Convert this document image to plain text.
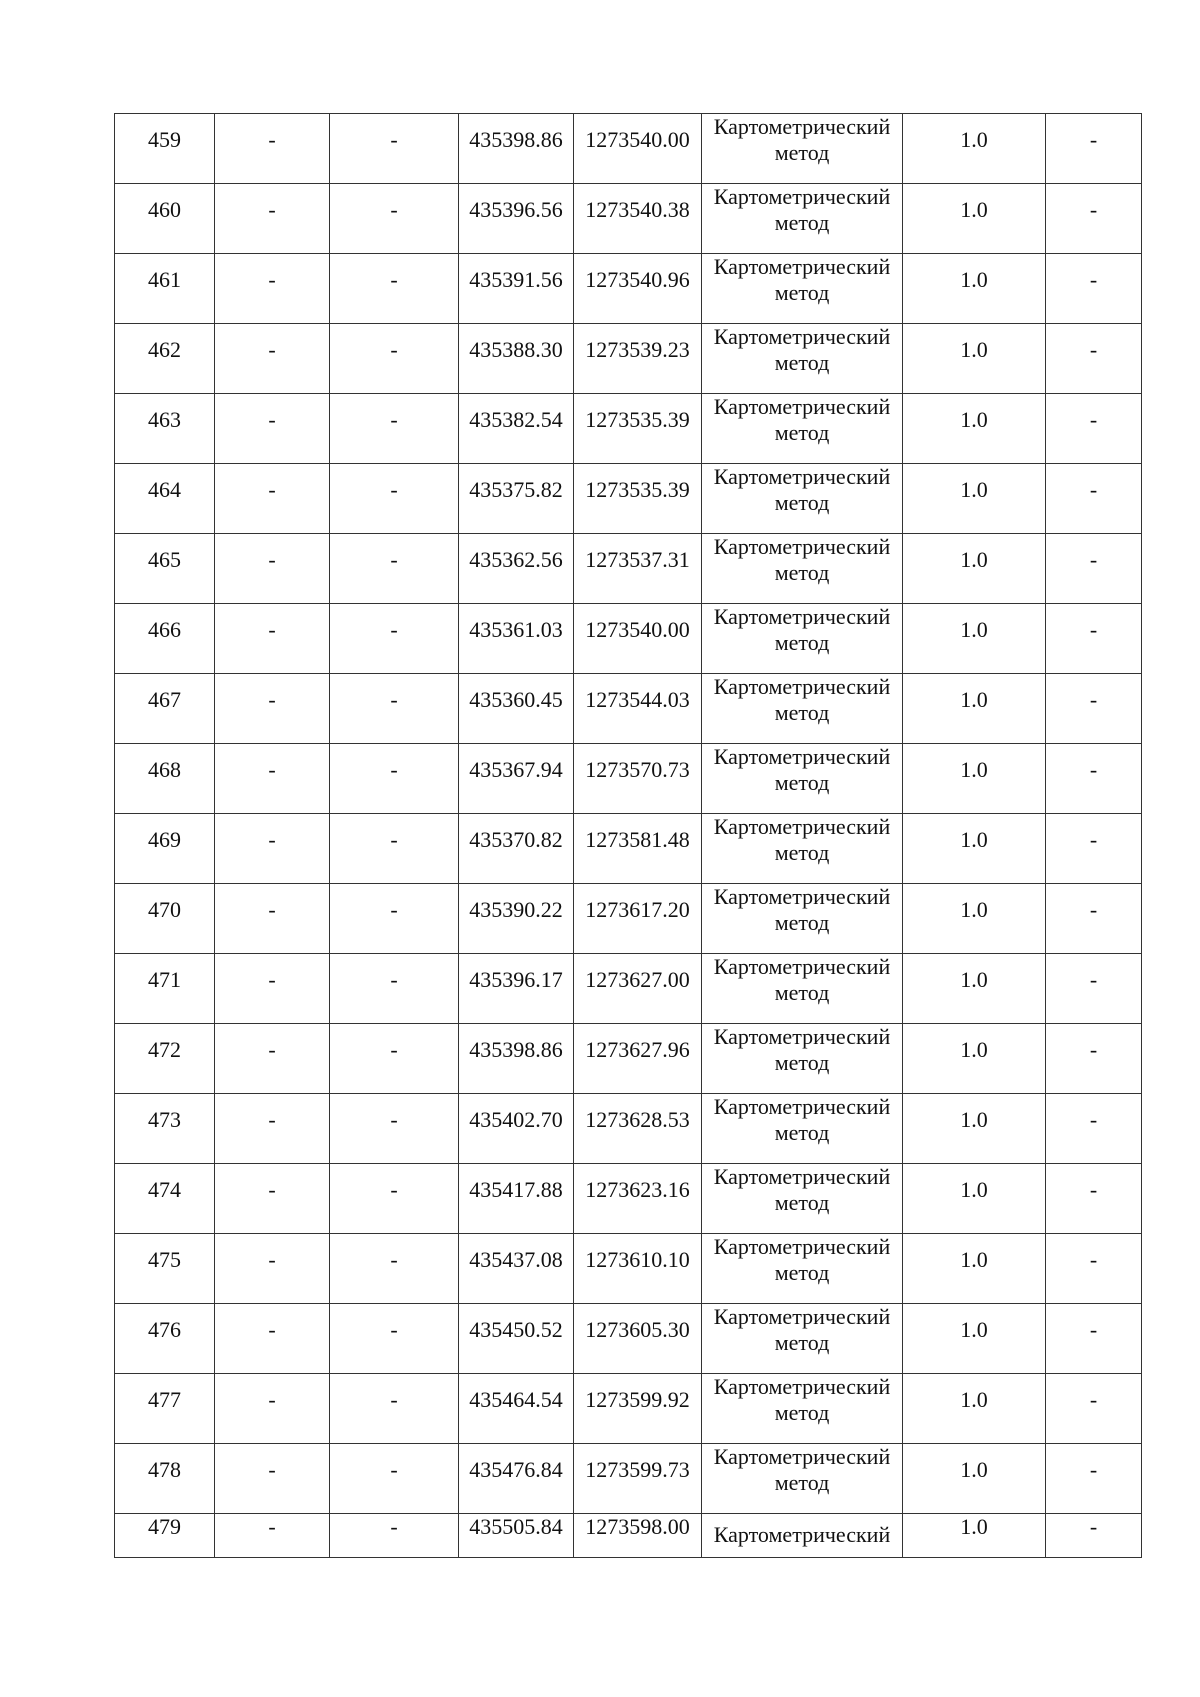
459	-	-	435398.86	1273540.00	Картометрический метод	1.0	-
460	-	-	435396.56	1273540.38	Картометрический метод	1.0	-
461	-	-	435391.56	1273540.96	Картометрический метод	1.0	-
462	-	-	435388.30	1273539.23	Картометрический метод	1.0	-
463	-	-	435382.54	1273535.39	Картометрический метод	1.0	-
464	-	-	435375.82	1273535.39	Картометрический метод	1.0	-
465	-	-	435362.56	1273537.31	Картометрический метод	1.0	-
466	-	-	435361.03	1273540.00	Картометрический метод	1.0	-
467	-	-	435360.45	1273544.03	Картометрический метод	1.0	-
468	-	-	435367.94	1273570.73	Картометрический метод	1.0	-
469	-	-	435370.82	1273581.48	Картометрический метод	1.0	-
470	-	-	435390.22	1273617.20	Картометрический метод	1.0	-
471	-	-	435396.17	1273627.00	Картометрический метод	1.0	-
472	-	-	435398.86	1273627.96	Картометрический метод	1.0	-
473	-	-	435402.70	1273628.53	Картометрический метод	1.0	-
474	-	-	435417.88	1273623.16	Картометрический метод	1.0	-
475	-	-	435437.08	1273610.10	Картометрический метод	1.0	-
476	-	-	435450.52	1273605.30	Картометрический метод	1.0	-
477	-	-	435464.54	1273599.92	Картометрический метод	1.0	-
478	-	-	435476.84	1273599.73	Картометрический метод	1.0	-
479	-	-	435505.84	1273598.00	Картометрический	1.0	-
